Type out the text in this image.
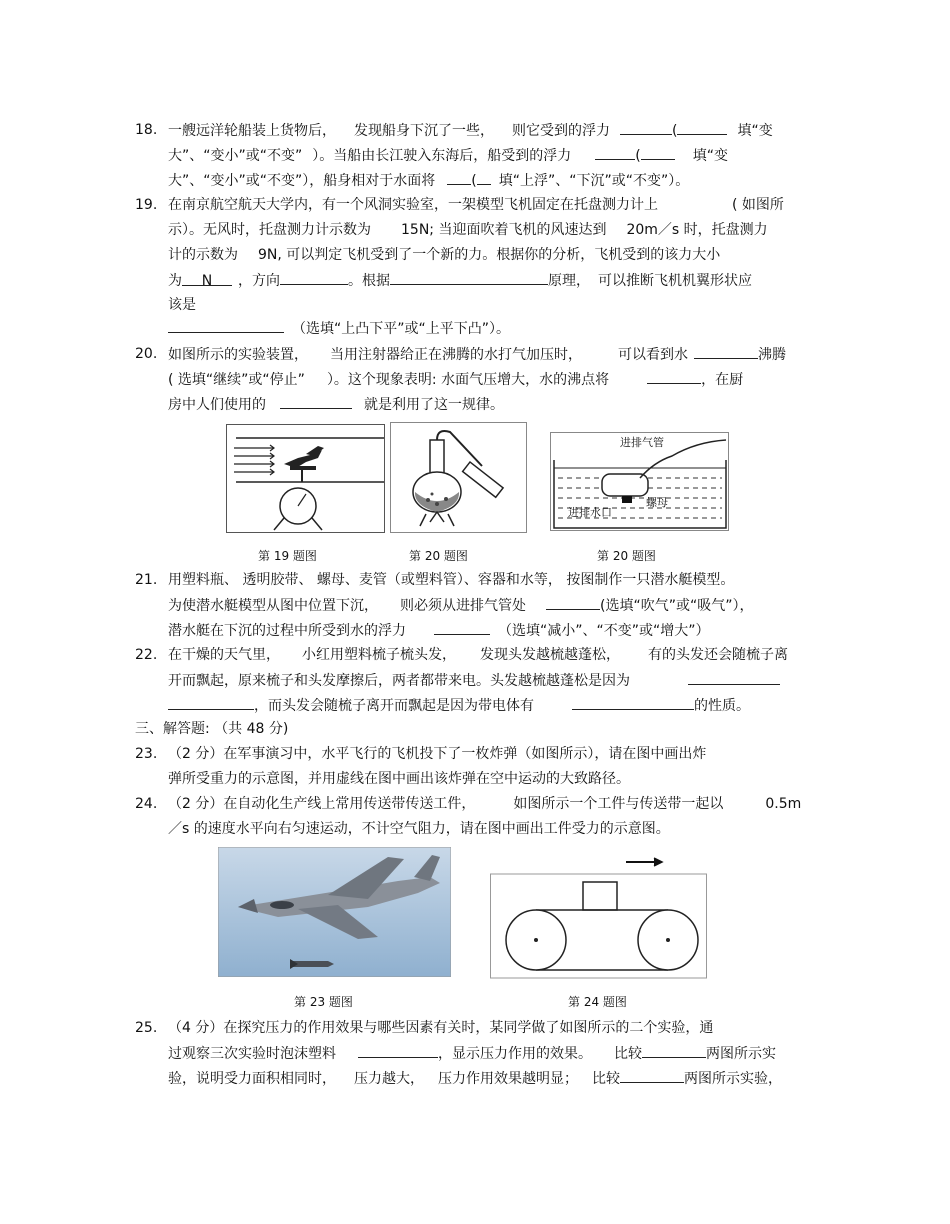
18. 一艘远洋轮船装上货物后， 发现船身下沉了一些， 则它受到的浮力	(	填“变
大”、“变小”或“不变” ）。当船由长江驶入东海后，船受到的浮力	(	填“变
大”、“变小”或“不变”），船身相对于水面将	( 填“上浮”、“下沉”或“不变”）。
19. 在南京航空航天大学内，有一个风洞实验室，一架模型飞机固定在托盘测力计上	( 如图所
示）。无风时，托盘测力计示数为 15N; 当迎面吹着飞机的风速达到 20m／s 时，托盘测力
计的示数为 9N, 可以判定飞机受到了一个新的力。根据你的分析，飞机受到的该力大小
为 N ，方向	。根据	原理， 可以推断飞机机翼形状应
该是
（选填“上凸下平”或“上平下凸”）。
20. 如图所示的实验装置， 当用注射器给正在沸腾的水打气加压时，	可以看到水	沸腾
( 选填“继续”或“停止” ）。这个现象表明: 水面气压增大，水的沸点将	，在厨
房中人们使用的	就是利用了这一规律。
第 19 题图	第 20 题图
进排气管
螺母
进排水口
第 20 题图
21. 用塑料瓶、 透明胶带、 螺母、麦管（或塑料管）、容器和水等， 按图制作一只潜水艇模型。
为使潜水艇模型从图中位置下沉， 则必须从进排气管处	(选填“吹气”或“吸气”），
潜水艇在下沉的过程中所受到水的浮力	（选填“减小”、“不变”或“增大”）
22. 在干燥的天气里， 小红用塑料梳子梳头发， 发现头发越梳越蓬松， 有的头发还会随梳子离
开而飘起，原来梳子和头发摩擦后，两者都带来电。头发越梳越蓬松是因为
，而头发会随梳子离开而飘起是因为带电体有	的性质。
三、解答题: （共 48 分)
23. （2 分）在军事演习中，水平飞行的飞机投下了一枚炸弹（如图所示），请在图中画出炸
弹所受重力的示意图，并用虚线在图中画出该炸弹在空中运动的大致路径。
24. （2 分）在自动化生产线上常用传送带传送工件，	如图所示一个工件与传送带一起以	0.5m
／s 的速度水平向右匀速运动，不计空气阻力，请在图中画出工件受力的示意图。
第 23 题图	第 24 题图
25. （4 分）在探究压力的作用效果与哪些因素有关时，某同学做了如图所示的二个实验，通
过观察三次实验时泡沫塑料	，显示压力作用的效果。 比较	两图所示实
验，说明受力面积相同时， 压力越大， 压力作用效果越明显； 比较	两图所示实验，
